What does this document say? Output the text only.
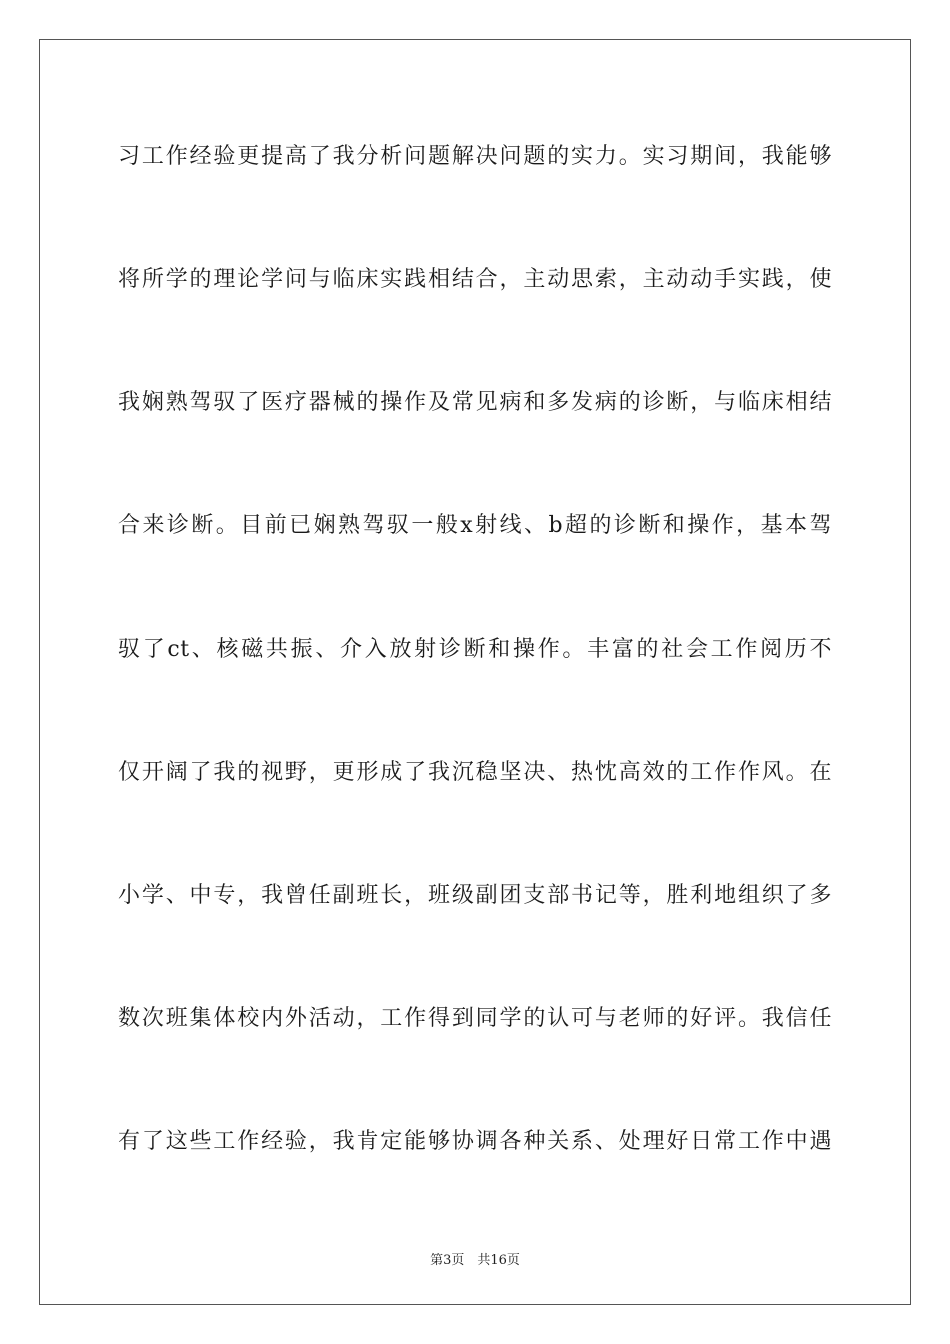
习工作经验更提高了我分析问题解决问题的实力。实习期间，我能够
将所学的理论学问与临床实践相结合，主动思索，主动动手实践，使
我娴熟驾驭了医疗器械的操作及常见病和多发病的诊断，与临床相结
合来诊断。目前已娴熟驾驭一般x射线、b超的诊断和操作，基本驾
驭了ct、核磁共振、介入放射诊断和操作。丰富的社会工作阅历不
仅开阔了我的视野，更形成了我沉稳坚决、热忱高效的工作作风。在
小学、中专，我曾任副班长，班级副团支部书记等，胜利地组织了多
数次班集体校内外活动，工作得到同学的认可与老师的好评。我信任
有了这些工作经验，我肯定能够协调各种关系、处理好日常工作中遇
第3页　共16页
